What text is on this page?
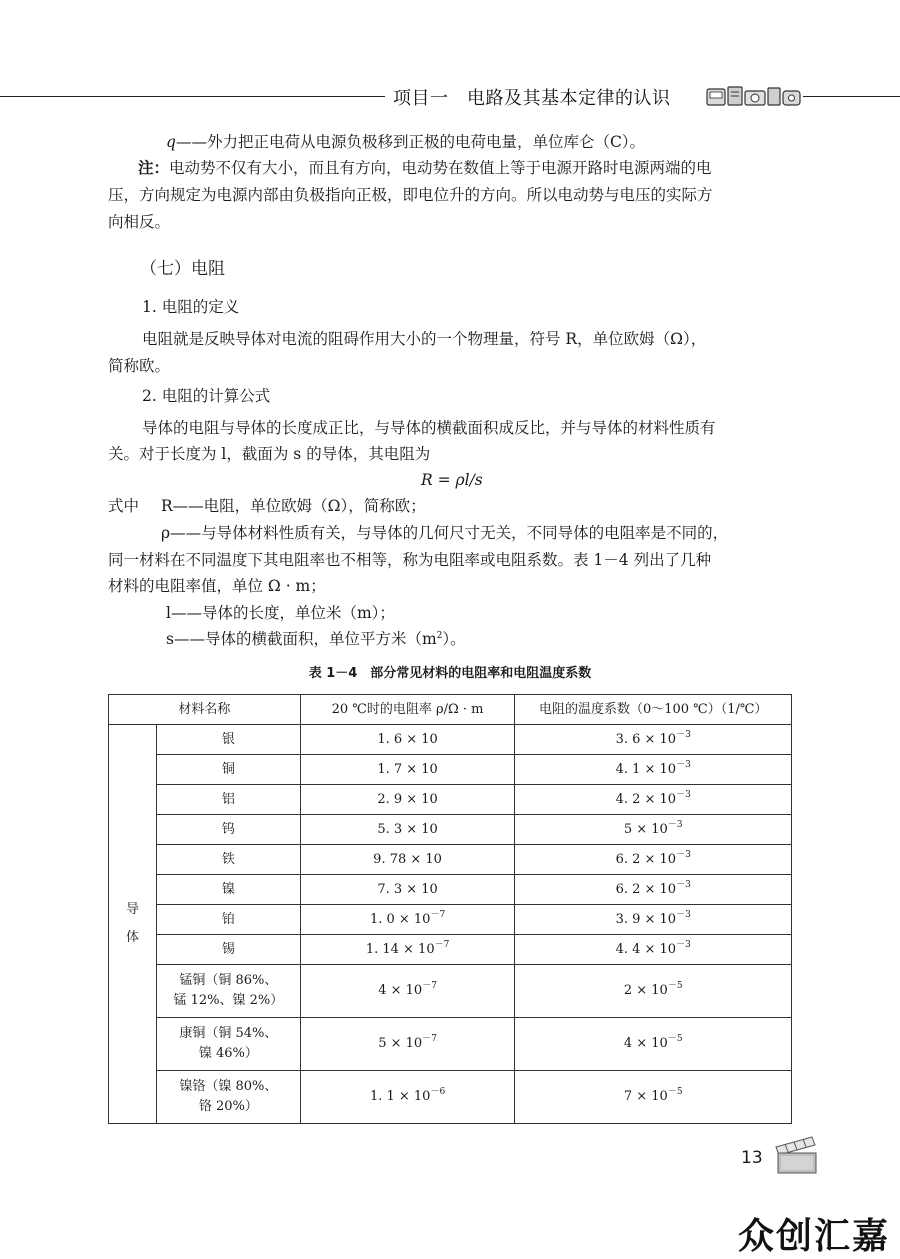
项目一　电路及其基本定律的认识
q——外力把正电荷从电源负极移到正极的电荷电量，单位库仑（C）。
注：电动势不仅有大小，而且有方向，电动势在数值上等于电源开路时电源两端的电
压，方向规定为电源内部由负极指向正极，即电位升的方向。所以电动势与电压的实际方
向相反。
（七）电阻
1. 电阻的定义
电阻就是反映导体对电流的阻碍作用大小的一个物理量，符号 R，单位欧姆（Ω），
简称欧。
2. 电阻的计算公式
导体的电阻与导体的长度成正比，与导体的横截面积成反比，并与导体的材料性质有
关。对于长度为 l，截面为 s 的导体，其电阻为
R = ρl/s
式中 R——电阻，单位欧姆（Ω），简称欧；
ρ——与导体材料性质有关，与导体的几何尺寸无关，不同导体的电阻率是不同的，
同一材料在不同温度下其电阻率也不相等，称为电阻率或电阻系数。表 1－4 列出了几种
材料的电阻率值，单位 Ω · m；
l——导体的长度，单位米（m）；
s——导体的横截面积，单位平方米$(m^2)$。
表 1－4　部分常见材料的电阻率和电阻温度系数
材料名称		20 ℃时的电阻率 ρ/Ω · m	电阻的温度系数（0～100 ℃）（1/℃）

导体	银	1. 6 × 10	3. $6 \times 10^{-3}$
	铜	1. 7 × 10	4. $1 \times 10^{-3}$
	铝	2. 9 × 10	4. $2 \times 10^{-3}$
	钨	5. 3 × 10	$5 \times 10^{-3}$
	铁	9. 78 × 10	6. $2 \times 10^{-3}$
	镍	7. 3 × 10	6. $2 \times 10^{-3}$
	铂	1. $0 \times 10^{-7}$	3. $9 \times 10^{-3}$
	锡	1. $14 \times 10^{-7}$	4. $4 \times 10^{-3}$
	锰铜（铜 86%、
锰 12%、镍 2%）	$4 \times 10^{-7}$	$2 \times 10^{-5}$
	康铜（铜 54%、
镍 46%）	$5 \times 10^{-7}$	$4 \times 10^{-5}$
	镍铬（镍 80%、
铬 20%）	1. $1 \times 10^{-6}$	$7 \times 10^{-5}$
13
众创汇嘉
